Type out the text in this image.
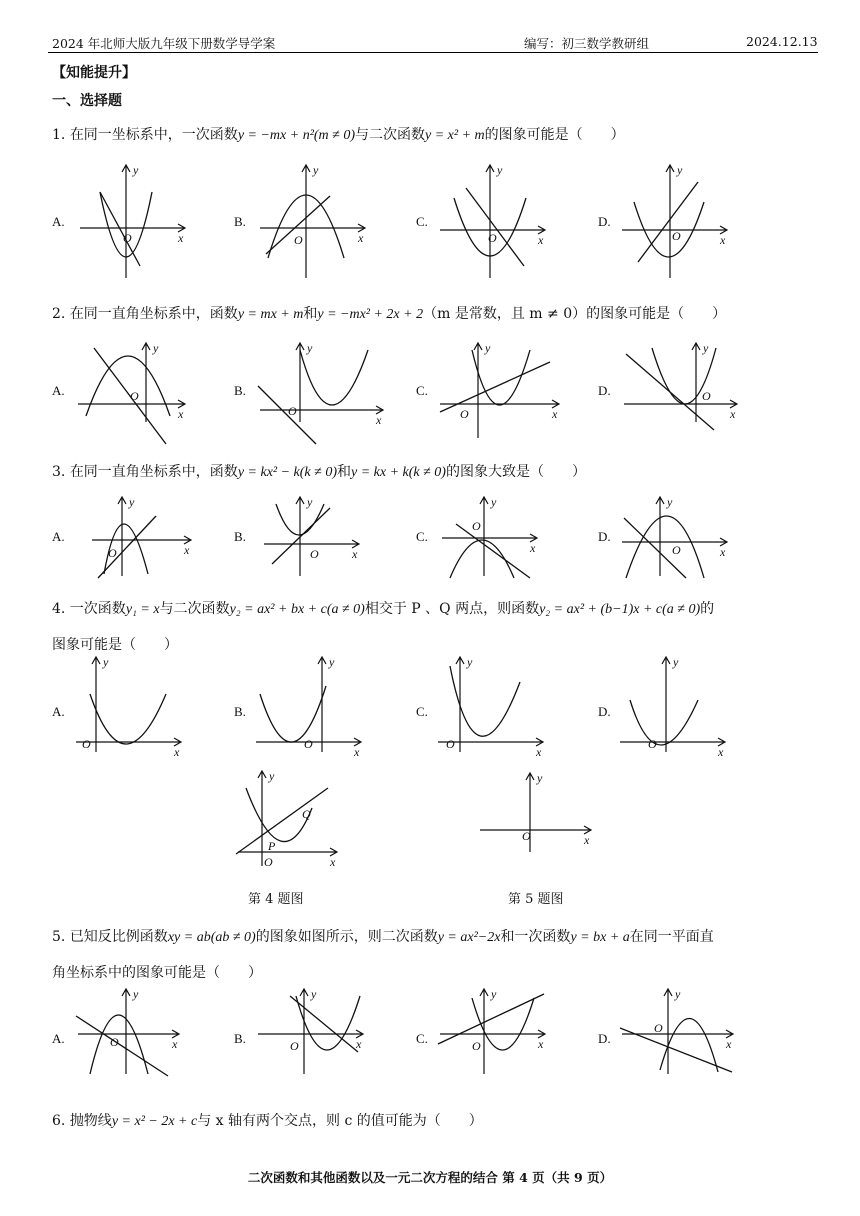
2024 年北师大版九年级下册数学导学案	编写：初三数学教研组	2024.12.13
【知能提升】
一、选择题
1. 在同一坐标系中，一次函数y = −mx + n²(m ≠ 0)与二次函数y = x² + m的图象可能是（　　）
2. 在同一直角坐标系中，函数y = mx + m和y = −mx² + 2x + 2（m 是常数，且 m ≠ 0）的图象可能是（　　）
3. 在同一直角坐标系中，函数y = kx² − k(k ≠ 0)和y = kx + k(k ≠ 0)的图象大致是（　　）
4. 一次函数y₁ = x与二次函数y₂ = ax² + bx + c(a ≠ 0)相交于 P 、Q 两点，则函数y₂ = ax² + (b−1)x + c(a ≠ 0)的
图象可能是（　　）
5. 已知反比例函数xy = ab(ab ≠ 0)的图象如图所示，则二次函数y = ax²−2x和一次函数y = bx + a在同一平面直
角坐标系中的图象可能是（　　）
6. 抛物线y = x² − 2x + c与 x 轴有两个交点，则 c 的值可能为（　　）
A.	B.	C.	D.
A.	B.	C.	D.
A.	B.	C.	D.
A.	B.	C.	D.
A.	B.	C.	D.
第 4 题图	第 5 题图
x
y
O	x
y
O	x
y
O	x
y
O
x
y
O
x
y
O	x
y
O	x
y
O
x
y
O	x
y
O	x
y
O
x
y
O
x
y
O
x
y
O
x
y
O
x
y
O
x
y
O
P
Q
x
y
O
x
y
O	x
y
O	x
y
O	x
y
O
二次函数和其他函数以及一元二次方程的结合 第 4 页（共 9 页）
